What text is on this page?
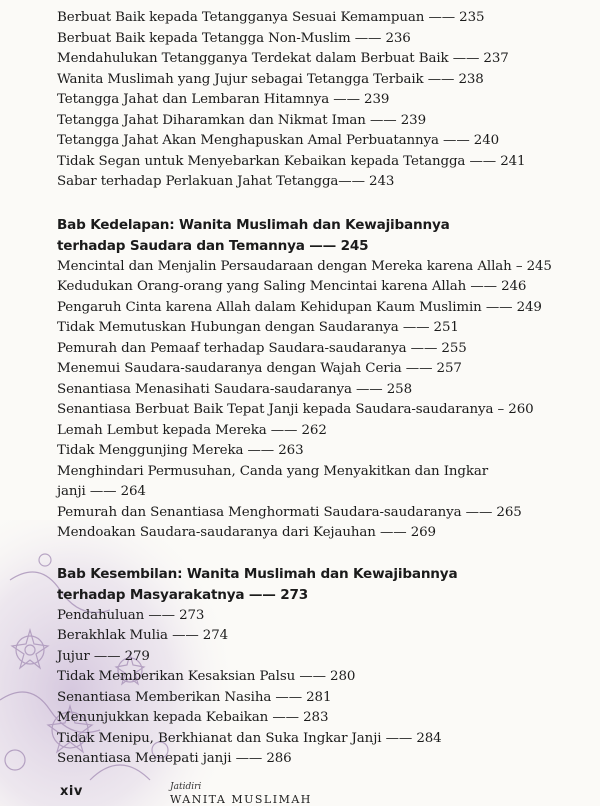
Berbuat Baik kepada Tetangganya Sesuai Kemampuan —— 235
Berbuat Baik kepada Tetangga Non-Muslim —— 236
Mendahulukan Tetangganya Terdekat dalam Berbuat Baik —— 237
Wanita Muslimah yang Jujur sebagai Tetangga Terbaik —— 238
Tetangga Jahat dan Lembaran Hitamnya —— 239
Tetangga Jahat Diharamkan dan Nikmat Iman —— 239
Tetangga Jahat Akan Menghapuskan Amal Perbuatannya —— 240
Tidak Segan untuk Menyebarkan Kebaikan kepada Tetangga —— 241
Sabar terhadap Perlakuan Jahat Tetangga—— 243
Bab Kedelapan: Wanita Muslimah dan Kewajibannya
terhadap Saudara dan Temannya —— 245
Mencintal dan Menjalin Persaudaraan dengan Mereka karena Allah – 245
Kedudukan Orang-orang yang Saling Mencintai karena Allah —— 246
Pengaruh Cinta karena Allah dalam Kehidupan Kaum Muslimin —— 249
Tidak Memutuskan Hubungan dengan Saudaranya —— 251
Pemurah dan Pemaaf terhadap Saudara-saudaranya —— 255
Menemui Saudara-saudaranya dengan Wajah Ceria —— 257
Senantiasa Menasihati Saudara-saudaranya —— 258
Senantiasa Berbuat Baik Tepat Janji kepada Saudara-saudaranya – 260
Lemah Lembut kepada Mereka —— 262
Tidak Menggunjing Mereka —— 263
Menghindari Permusuhan, Canda yang Menyakitkan dan Ingkar
janji —— 264
Pemurah dan Senantiasa Menghormati Saudara-saudaranya —— 265
Mendoakan Saudara-saudaranya dari Kejauhan —— 269
Bab Kesembilan: Wanita Muslimah dan Kewajibannya
terhadap Masyarakatnya —— 273
Pendahuluan —— 273
Berakhlak Mulia —— 274
Jujur —— 279
Tidak Memberikan Kesaksian Palsu —— 280
Senantiasa Memberikan Nasiha —— 281
Menunjukkan kepada Kebaikan —— 283
Tidak Menipu, Berkhianat dan Suka Ingkar Janji —— 284
Senantiasa Menepati janji —— 286
xiv	Jatidiri
WANITA MUSLIMAH
